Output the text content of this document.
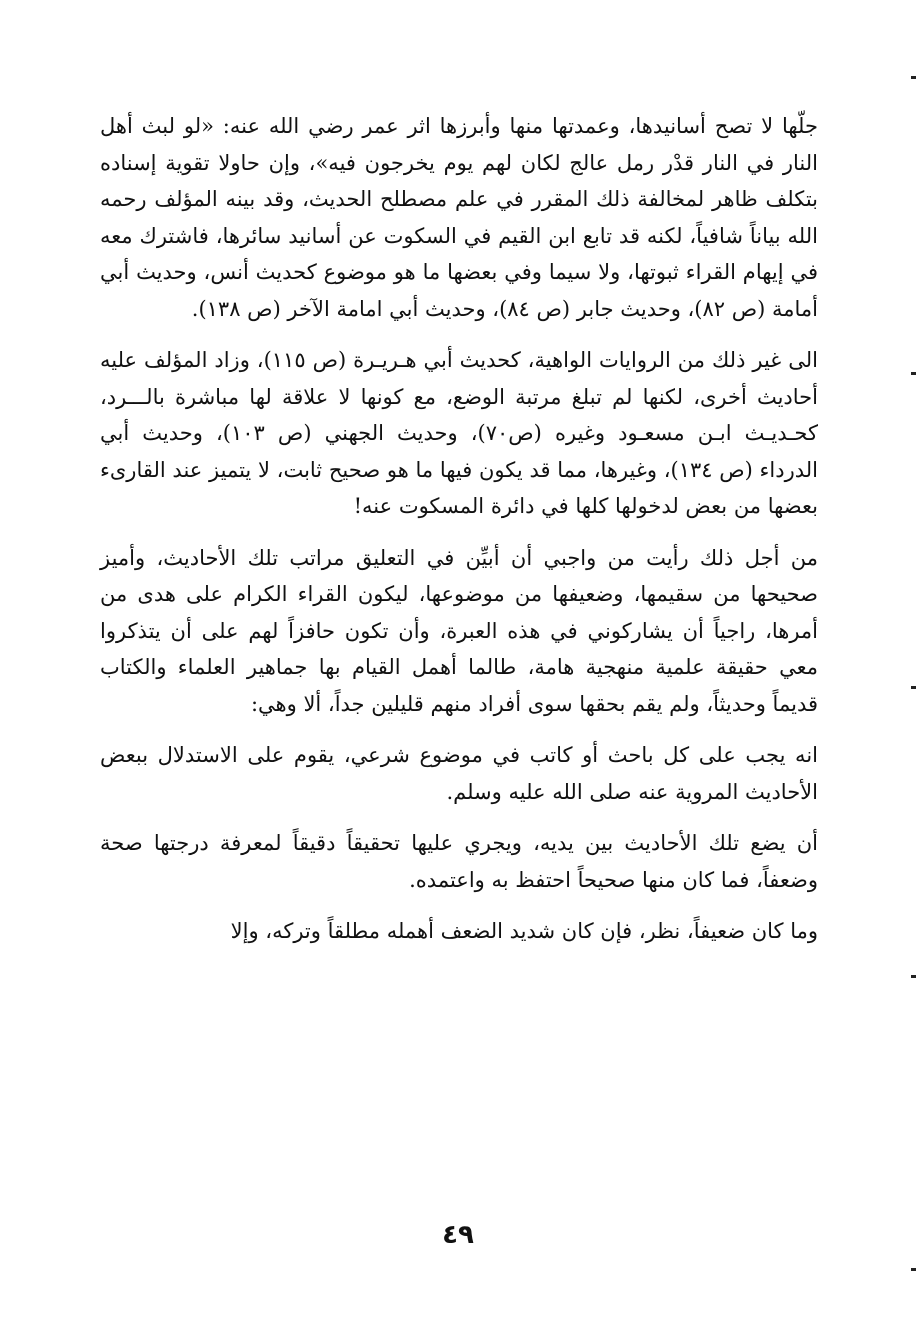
جلّها لا تصح أسانيدها، وعمدتها منها وأبرزها اثر عمر رضي الله عنه: «لو لبث أهل النار في النار قدْر رمل عالج لكان لهم يوم يخرجون فيه»، وإن حاولا تقوية إسناده بتكلف ظاهر لمخالفة ذلك المقرر في علم مصطلح الحديث، وقد بينه المؤلف رحمه الله بياناً شافياً، لكنه قد تابع ابن القيم في السكوت عن أسانيد سائرها، فاشترك معه في إيهام القراء ثبوتها، ولا سيما وفي بعضها ما هو موضوع كحديث أنس، وحديث أبي أمامة (ص ٨٢)، وحديث جابر (ص ٨٤)، وحديث أبي امامة الآخر (ص ١٣٨).

الى غير ذلك من الروايات الواهية، كحديث أبي هـريـرة (ص ١١٥)، وزاد المؤلف عليه أحاديث أخرى، لكنها لم تبلغ مرتبة الوضع، مع كونها لا علاقة لها مباشرة بالـــرد، كحـديـث ابـن مسعـود وغيره (ص٧٠)، وحديث الجهني (ص ١٠٣)، وحديث أبي الدرداء (ص ١٣٤)، وغيرها، مما قد يكون فيها ما هو صحيح ثابت، لا يتميز عند القارىء بعضها من بعض لدخولها كلها في دائرة المسكوت عنه!

من أجل ذلك رأيت من واجبي أن أبيِّن في التعليق مراتب تلك الأحاديث، وأميز صحيحها من سقيمها، وضعيفها من موضوعها، ليكون القراء الكرام على هدى من أمرها، راجياً أن يشاركوني في هذه العبرة، وأن تكون حافزاً لهم على أن يتذكروا معي حقيقة علمية منهجية هامة، طالما أهمل القيام بها جماهير العلماء والكتاب قديماً وحديثاً، ولم يقم بحقها سوى أفراد منهم قليلين جداً، ألا وهي:

انه يجب على كل باحث أو كاتب في موضوع شرعي، يقوم على الاستدلال ببعض الأحاديث المروية عنه صلى الله عليه وسلم.

أن يضع تلك الأحاديث بين يديه، ويجري عليها تحقيقاً دقيقاً لمعرفة درجتها صحة وضعفاً، فما كان منها صحيحاً احتفظ به واعتمده.

وما كان ضعيفاً، نظر، فإن كان شديد الضعف أهمله مطلقاً وتركه، وإلا

٤٩
